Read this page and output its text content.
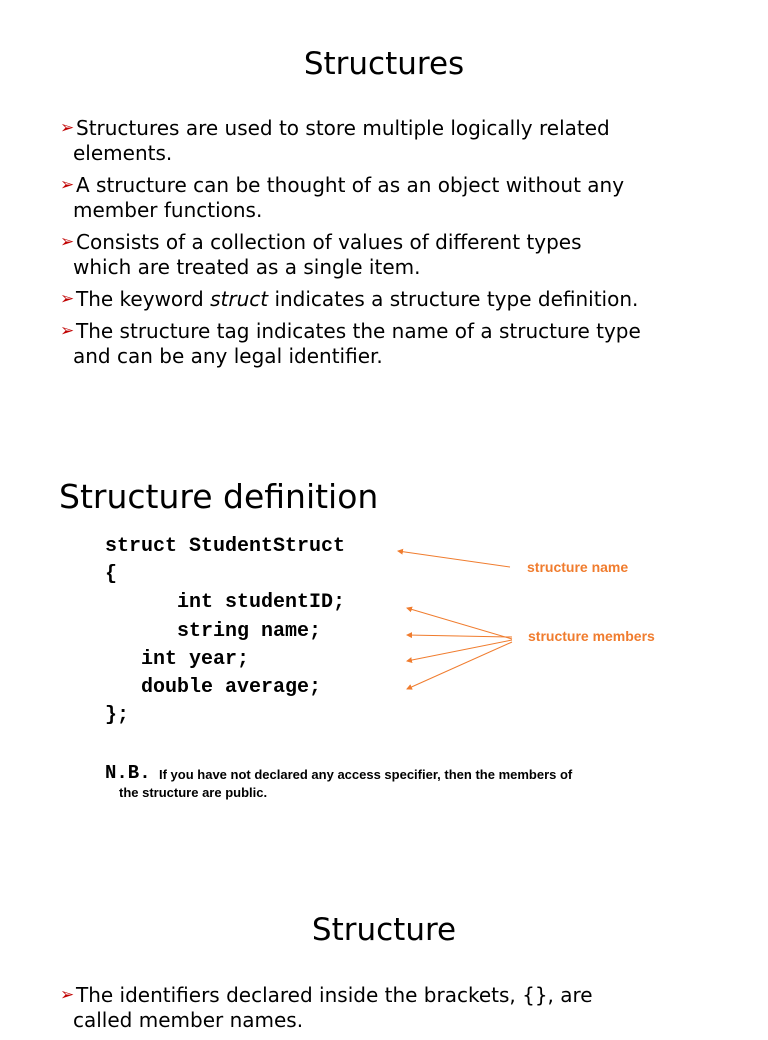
Structures
➢ Structures are used to store multiple logically related
elements.
➢ A structure can be thought of as an object without any
member functions.
➢ Consists of a collection of values of different types
which are treated as a single item.
➢ The keyword struct indicates a structure type definition.
➢ The structure tag indicates the name of a structure type
and can be any legal identifier.
Structure definition
struct StudentStruct
{
int studentID;
string name;
int year;
double average;
};
structure name
structure members
N.B. If you have not declared any access specifier, then the members of
the structure are public.
Structure
➢ The identifiers declared inside the brackets, {}, are
called member names.
